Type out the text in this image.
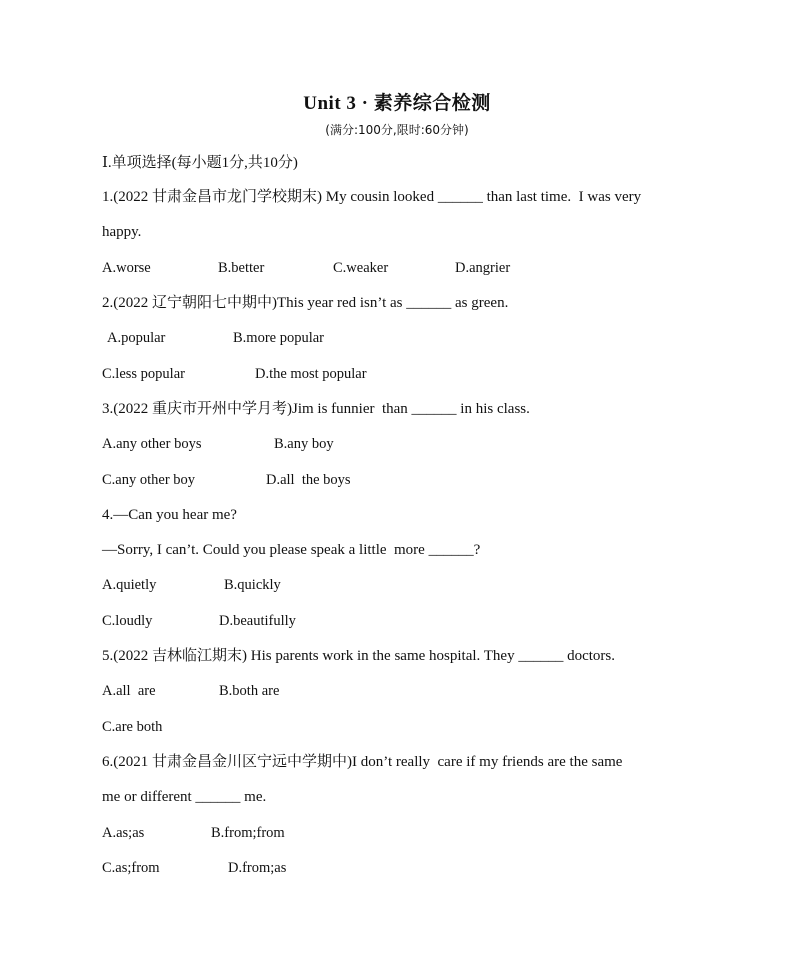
Unit 3 · 素养综合检测
(满分:100分,限时:60分钟)
Ⅰ.单项选择(每小题1分,共10分)
1.(2022 甘肃金昌市龙门学校期末) My cousin looked ______ than last time.  I was very
happy.
A.worse	B.better	C.weaker	D.angrier
2.(2022 辽宁朝阳七中期中)This year red isn’t as ______ as green.
A.popular	B.more popular
C.less popular	D.the most popular
3.(2022 重庆市开州中学月考)Jim is funnier  than ______ in his class.
A.any other boys	B.any boy
C.any other boy	D.all  the boys
4.—Can you hear me?
—Sorry, I can’t. Could you please speak a little  more ______?
A.quietly	B.quickly
C.loudly	D.beautifully
5.(2022 吉林临江期末) His parents work in the same hospital. They ______ doctors.
A.all  are	B.both are
C.are both
6.(2021 甘肃金昌金川区宁远中学期中)I don’t really  care if my friends are the same
me or different ______ me.
A.as;as	B.from;from
C.as;from	D.from;as
